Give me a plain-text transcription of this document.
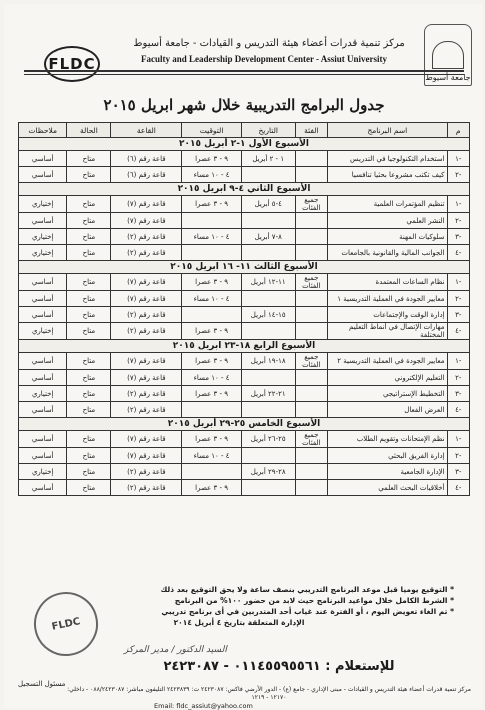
FLDC
مركز تنمية قدرات أعضاء هيئة التدريس و القيادات - جامعة أسيوط
Faculty and Leadership Development Center - Assiut University
جامعة أسيوط
جدول البرامج التدريبية خلال شهر ابريل ٢٠١٥
م	اسم البرنامج	الفئة	التاريخ	التوقيت	القاعة	الحالة	ملاحظات
الأسبوع الأول ١-٢ أبريل ٢٠١٥							
-١	استخدام التكنولوجيا في التدريس		١ - ٢ أبريل	٩ - ٣ عصرا	قاعة رقم (٦)	متاح	أساسي
-٢	كيف تكتب مشروعا بحثيا تنافسيا			٤ - ١٠ مساء	قاعة رقم (٦)	متاح	أساسي
الأسبوع الثاني ٤-٩ ابريل ٢٠١٥							
-١	تنظيم المؤتمرات العلمية	جميع الفئات	٤-٥ أبريل	٩ - ٣ عصرا	قاعة رقم (٧)	متاح	إختياري
-٢	النشر العلمي				قاعة رقم (٧)	متاح	أساسي
-٣	سلوكيات المهنة		٨-٧ أبريل	٤ - ١٠ مساء	قاعة رقم (٢)	متاح	إختياري
-٤	الجوانب المالية والقانونية بالجامعات				قاعة رقم (٢)	متاح	إختياري
الأسبوع الثالث ١١- ١٦ ابريل ٢٠١٥							
-١	نظام الساعات المعتمدة	جميع الفئات	١١-١٢ أبريل	٩ - ٣ عصرا	قاعة رقم (٧)	متاح	أساسي
-٢	معايير الجودة في العملية التدريسية ١			٤ - ١٠ مساء	قاعة رقم (٧)	متاح	أساسي
-٣	إدارة الوقت والإجتماعات		١٥-١٤ أبريل		قاعة رقم (٢)	متاح	أساسي
-٤	مهارات الإتصال في أنماط التعليم المختلفة			٩ - ٣ عصرا	قاعة رقم (٢)	متاح	إختياري
الأسبوع الرابع ١٨-٢٣ ابريل ٢٠١٥							
-١	معايير الجودة في العملية التدريسية ٢	جميع الفئات	١٨-١٩ أبريل	٩ - ٣ عصرا	قاعة رقم (٧)	متاح	أساسي
-٢	التعليم الإلكتروني			٤ - ١٠ مساء	قاعة رقم (٧)	متاح	أساسي
-٣	التخطيط الإستراتيجي		٢١-٢٢ أبريل	٩ - ٣ عصرا	قاعة رقم (٢)	متاح	إختياري
-٤	العرض الفعال				قاعة رقم (٢)	متاح	أساسي
الأسبوع الخامس ٢٥-٢٩ أبريل ٢٠١٥							
-١	نظم الإمتحانات وتقويم الطلاب	جميع الفئات	٢٥-٢٦ أبريل	٩ - ٣ عصرا	قاعة رقم (٧)	متاح	أساسي
-٢	إدارة الفريق البحثي			٤ - ١٠ مساء	قاعة رقم (٧)	متاح	أساسي
-٣	الإدارة الجامعية		٢٨-٢٩ أبريل		قاعة رقم (٢)	متاح	إختياري
-٤	أخلاقيات البحث العلمي			٩ - ٣ عصرا	قاعة رقم (٢)	متاح	أساسي
FLDC
* التوقيع يوميا قبل موعد البرنامج التدريبي بنصف ساعة ولا يحق التوقيع بعد ذلك
* الشرط الكامل خلال مواعيد البرنامج حيث لابد من حضور ١٠٠% من البرنامج
* تم الغاء تعويض اليوم ، أو الفترة عند غياب أحد المتدربين في أى برنامج تدريبي
الإدارة المتعلقة بتاريخ ٤ أبريل ٢٠١٤
السيد الدكتور / مدير المركز
للإستعلام : ٠١١٤٥٥٩٥٥٦١ - ٢٤٢٣٠٨٧
مسئول التسجيل
مركز تنمية قدرات أعضاء هيئة التدريس و القيادات - مبنى الإداري - جامع (ع) - الدور الأرضي فاكس: ٢٤٢٣٠٨٧ ت: ٢٤٢٣٨٣٩ التليفون مباشر: ٠٨٨/٢٤٢٣٠٨٧ - داخلي: ١٢١٧٠ - ١٢١٩
Email: fldc_assiut@yahoo.com
